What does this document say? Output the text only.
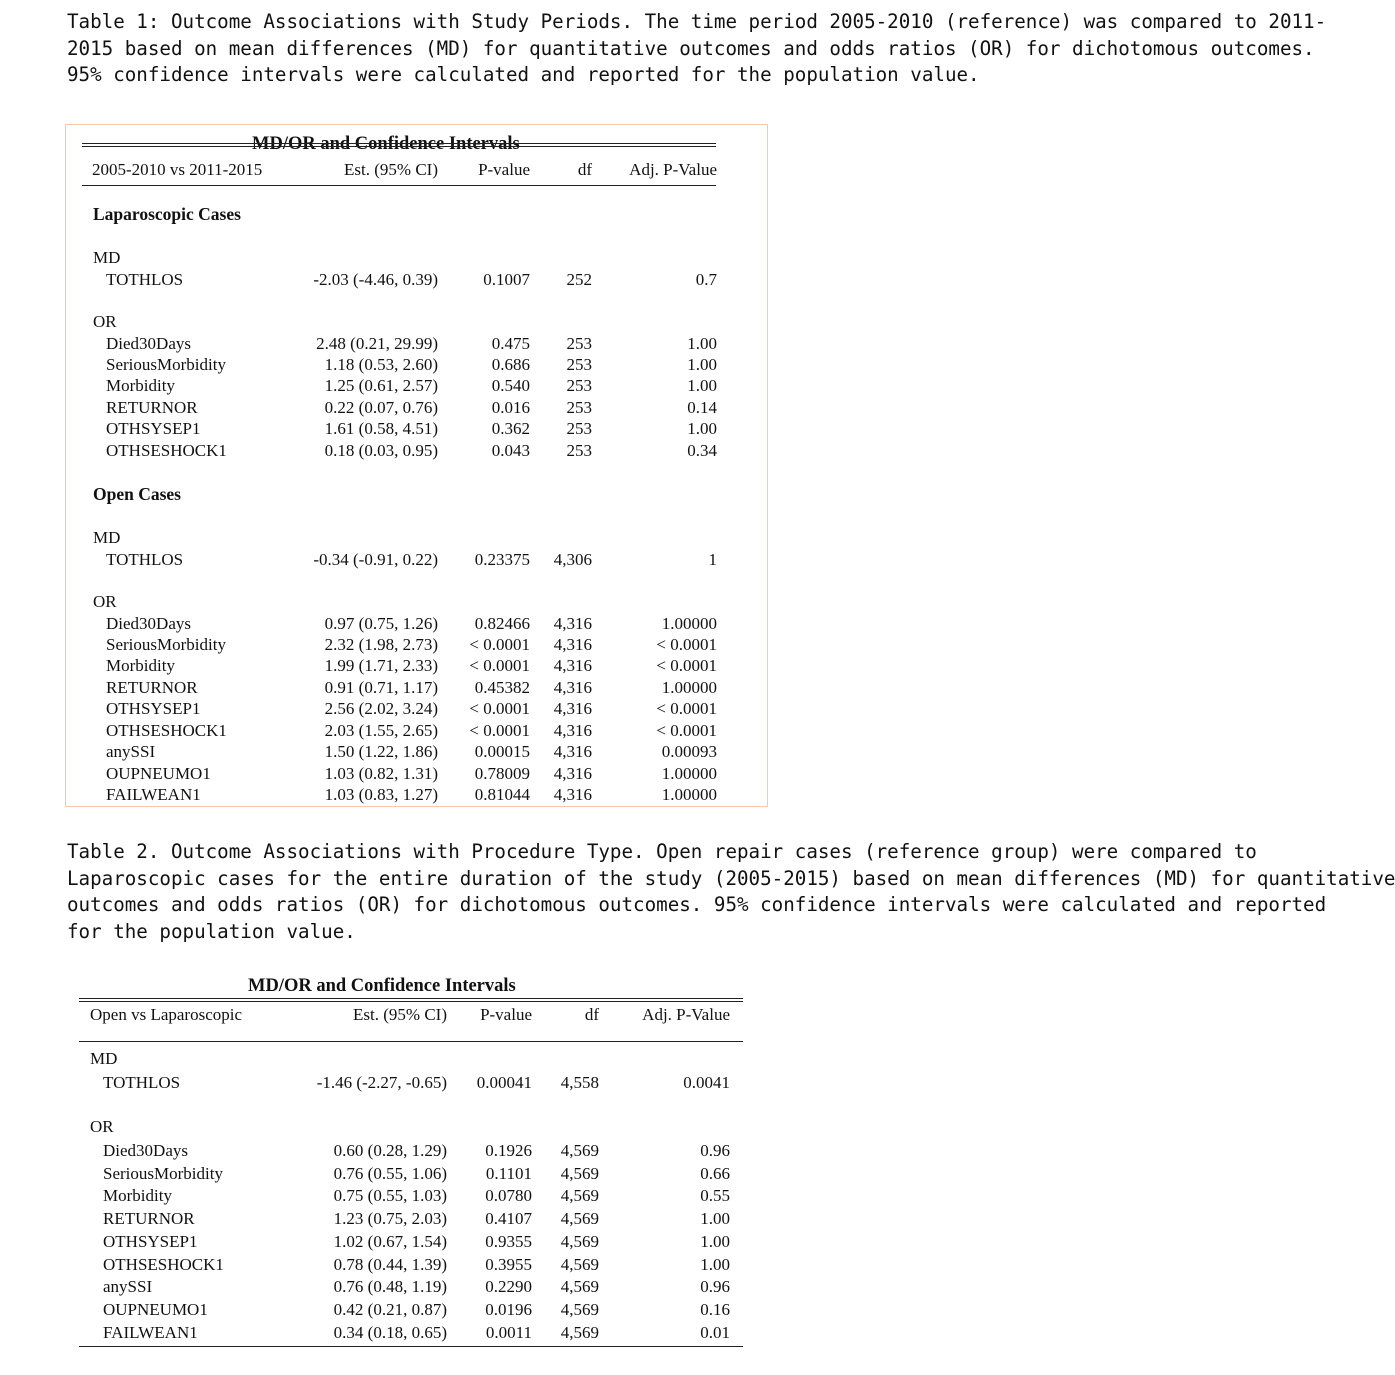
Table 1: Outcome Associations with Study Periods. The time period 2005-2010 (reference) was compared to 2011-
2015 based on mean differences (MD) for quantitative outcomes and odds ratios (OR) for dichotomous outcomes.
95% confidence intervals were calculated and reported for the population value.
MD/OR and Confidence Intervals
2005-2010 vs 2011-2015	Est. (95% CI)	P-value	df	Adj. P-Value
Laparoscopic Cases
MD
TOTHLOS	-2.03 (-4.46, 0.39)	0.1007	252	0.7
OR
Died30Days	2.48 (0.21, 29.99)	0.475	253	1.00
SeriousMorbidity	1.18 (0.53, 2.60)	0.686	253	1.00
Morbidity	1.25 (0.61, 2.57)	0.540	253	1.00
RETURNOR	0.22 (0.07, 0.76)	0.016	253	0.14
OTHSYSEP1	1.61 (0.58, 4.51)	0.362	253	1.00
OTHSESHOCK1	0.18 (0.03, 0.95)	0.043	253	0.34
Open Cases
MD
TOTHLOS	-0.34 (-0.91, 0.22)	0.23375	4,306	1
OR
Died30Days	0.97 (0.75, 1.26)	0.82466	4,316	1.00000
SeriousMorbidity	2.32 (1.98, 2.73)	< 0.0001	4,316	< 0.0001
Morbidity	1.99 (1.71, 2.33)	< 0.0001	4,316	< 0.0001
RETURNOR	0.91 (0.71, 1.17)	0.45382	4,316	1.00000
OTHSYSEP1	2.56 (2.02, 3.24)	< 0.0001	4,316	< 0.0001
OTHSESHOCK1	2.03 (1.55, 2.65)	< 0.0001	4,316	< 0.0001
anySSI	1.50 (1.22, 1.86)	0.00015	4,316	0.00093
OUPNEUMO1	1.03 (0.82, 1.31)	0.78009	4,316	1.00000
FAILWEAN1	1.03 (0.83, 1.27)	0.81044	4,316	1.00000
Table 2. Outcome Associations with Procedure Type. Open repair cases (reference group) were compared to
Laparoscopic cases for the entire duration of the study (2005-2015) based on mean differences (MD) for quantitative
outcomes and odds ratios (OR) for dichotomous outcomes. 95% confidence intervals were calculated and reported
for the population value.
MD/OR and Confidence Intervals
Open vs Laparoscopic	Est. (95% CI)	P-value	df	Adj. P-Value
MD
TOTHLOS	-1.46 (-2.27, -0.65)	0.00041	4,558	0.0041
OR
Died30Days	0.60 (0.28, 1.29)	0.1926	4,569	0.96
SeriousMorbidity	0.76 (0.55, 1.06)	0.1101	4,569	0.66
Morbidity	0.75 (0.55, 1.03)	0.0780	4,569	0.55
RETURNOR	1.23 (0.75, 2.03)	0.4107	4,569	1.00
OTHSYSEP1	1.02 (0.67, 1.54)	0.9355	4,569	1.00
OTHSESHOCK1	0.78 (0.44, 1.39)	0.3955	4,569	1.00
anySSI	0.76 (0.48, 1.19)	0.2290	4,569	0.96
OUPNEUMO1	0.42 (0.21, 0.87)	0.0196	4,569	0.16
FAILWEAN1	0.34 (0.18, 0.65)	0.0011	4,569	0.01
